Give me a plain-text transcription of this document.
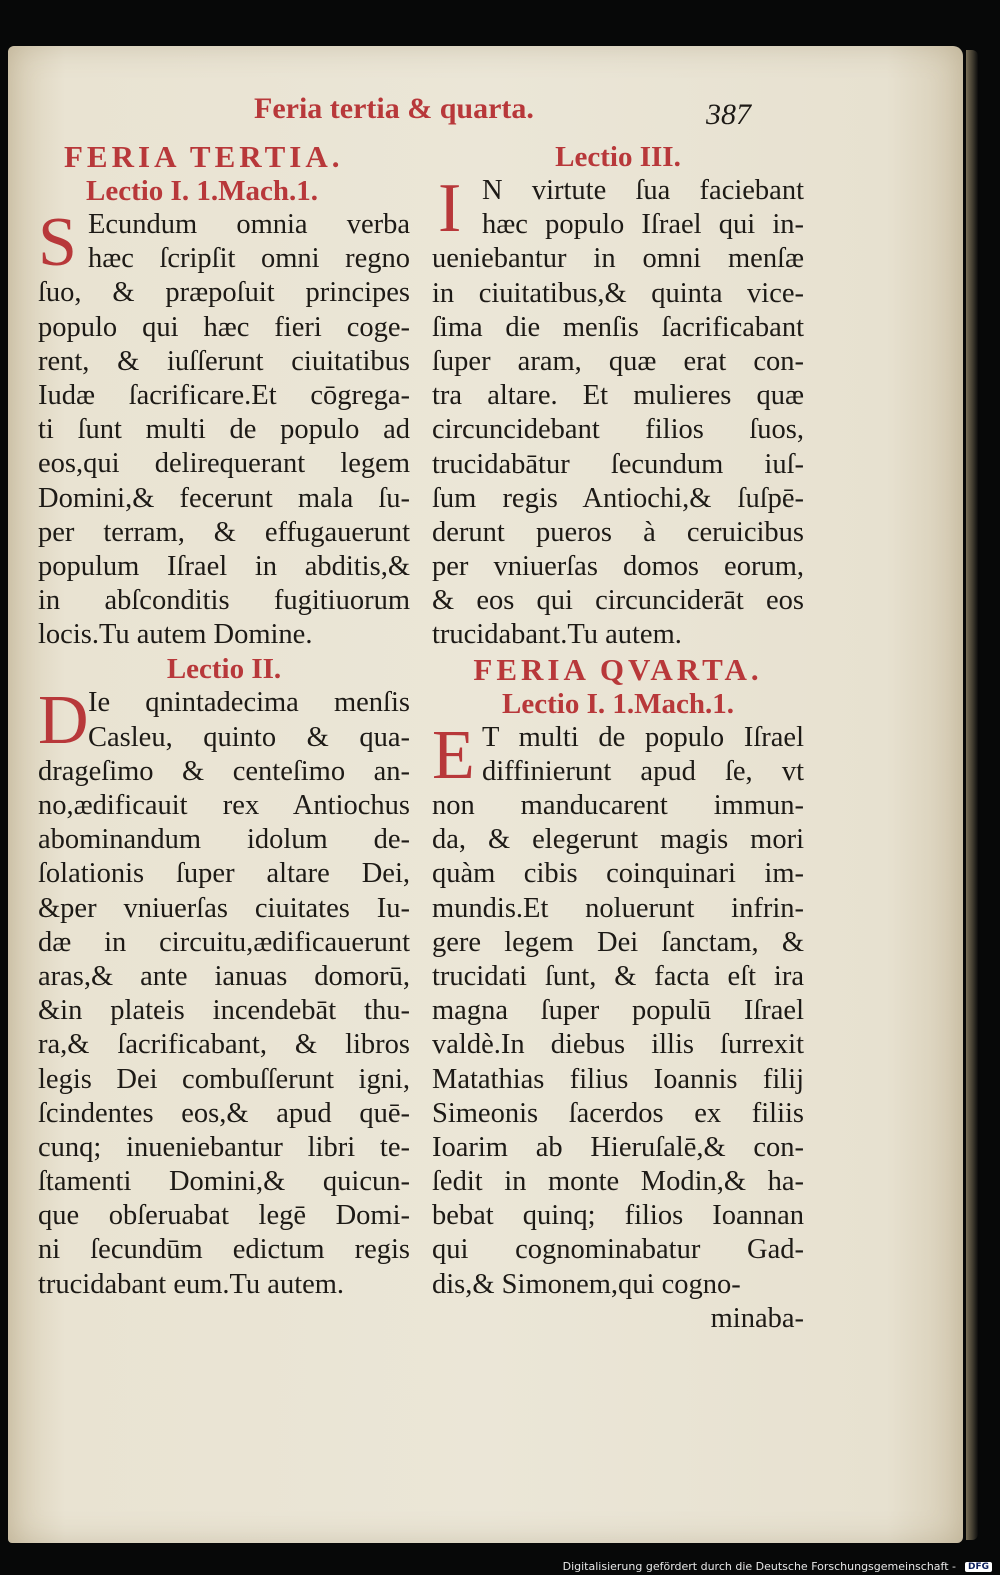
Feria tertia & quarta.	387
FERIA TERTIA.
Lectio I. 1.Mach.1.
S Ecundum omnia verba
hæc ſcripſit omni regno
ſuo, & præpoſuit principes
populo qui hæc fieri coge-
rent, & iuſſerunt ciuitatibus
Iudæ ſacrificare.Et cōgrega-
ti ſunt multi de populo ad
eos,qui delirequerant legem
Domini,& fecerunt mala ſu-
per terram, & effugauerunt
populum Iſrael in abditis,&
in abſconditis fugitiuorum
locis.Tu autem Domine.
Lectio II.
D Ie qnintadecima menſis
Casleu, quinto & qua-
drageſimo & centeſimo an-
no,ædificauit rex Antiochus
abominandum idolum de-
ſolationis ſuper altare Dei,
&per vniuerſas ciuitates Iu-
dæ in circuitu,ædificauerunt
aras,& ante ianuas domorū,
&in plateis incendebāt thu-
ra,& ſacrificabant, & libros
legis Dei combuſſerunt igni,
ſcindentes eos,& apud quē-
cunq; inueniebantur libri te-
ſtamenti Domini,& quicun-
que obſeruabat legē Domi-
ni ſecundūm edictum regis
trucidabant eum.Tu autem.
Lectio III.
I N virtute ſua faciebant
hæc populo Iſrael qui in-
ueniebantur in omni menſæ
in ciuitatibus,& quinta vice-
ſima die menſis ſacrificabant
ſuper aram, quæ erat con-
tra altare. Et mulieres quæ
circuncidebant filios ſuos,
trucidabātur ſecundum iuſ-
ſum regis Antiochi,& ſuſpē-
derunt pueros à ceruicibus
per vniuerſas domos eorum,
& eos qui circunciderāt eos
trucidabant.Tu autem.
FERIA QVARTA.
Lectio I. 1.Mach.1.
E T multi de populo Iſrael
diffinierunt apud ſe, vt
non manducarent immun-
da, & elegerunt magis mori
quàm cibis coinquinari im-
mundis.Et noluerunt infrin-
gere legem Dei ſanctam, &
trucidati ſunt, & facta eſt ira
magna ſuper populū Iſrael
valdè.In diebus illis ſurrexit
Matathias filius Ioannis filij
Simeonis ſacerdos ex filiis
Ioarim ab Hieruſalē,& con-
ſedit in monte Modin,& ha-
bebat quinq; filios Ioannan
qui cognominabatur Gad-
dis,& Simonem,qui cogno-
minaba-
Digitalisierung gefördert durch die Deutsche Forschungsgemeinschaft -	DFG
